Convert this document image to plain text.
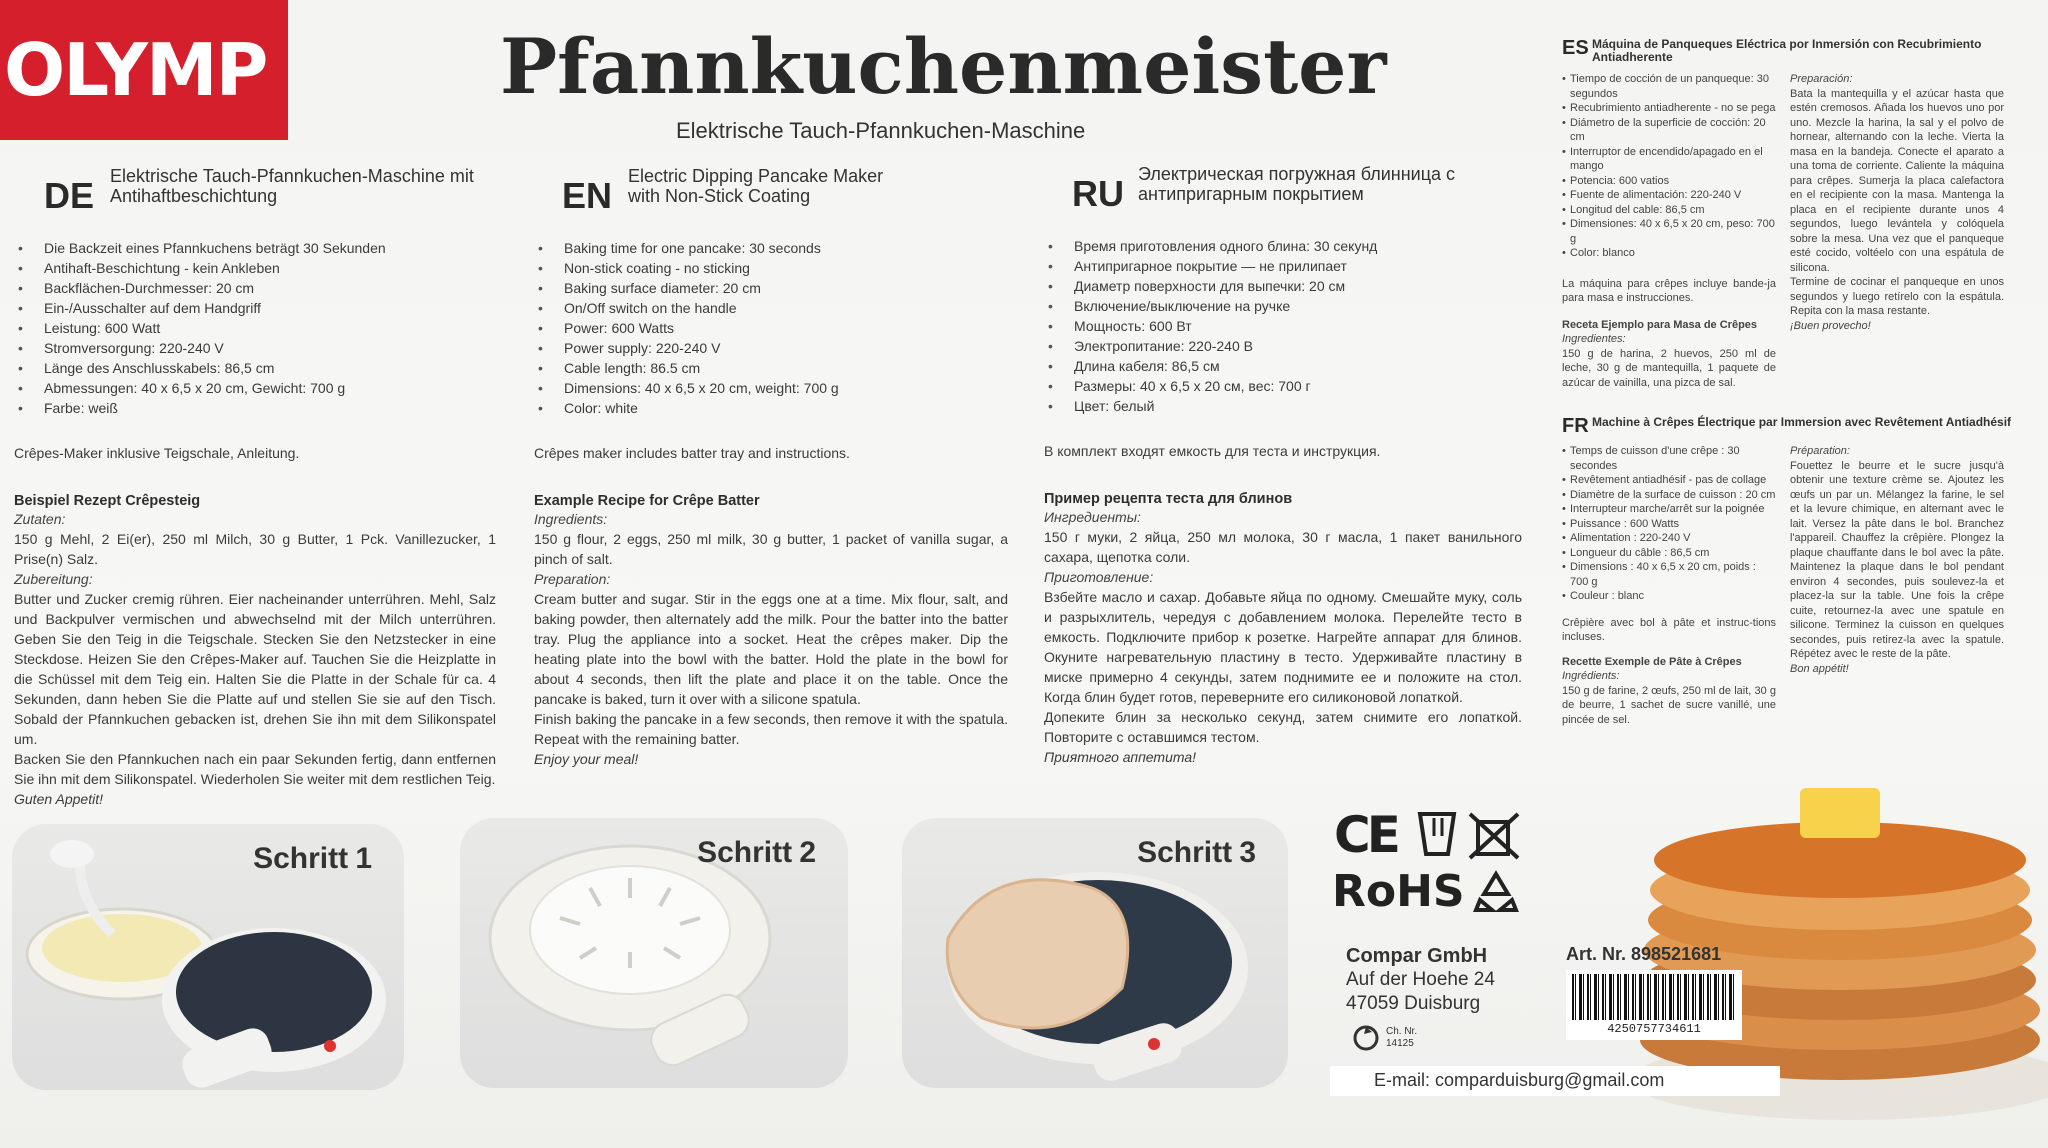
OLYMP	Pfannkuchenmeister
Elektrische Tauch-Pfannkuchen-Maschine
DE Elektrische Tauch-Pfannkuchen-Maschine mit Antihaftbeschichtung
• Die Backzeit eines Pfannkuchens beträgt 30 Sekunden
• Antihaft-Beschichtung - kein Ankleben
• Backflächen-Durchmesser: 20 cm
• Ein-/Ausschalter auf dem Handgriff
• Leistung: 600 Watt
• Stromversorgung: 220-240 V
• Länge des Anschlusskabels: 86,5 cm
• Abmessungen: 40 x 6,5 x 20 cm, Gewicht: 700 g
• Farbe: weiß
Crêpes-Maker inklusive Teigschale, Anleitung.
Beispiel Rezept Crêpesteig
Zutaten:
150 g Mehl, 2 Ei(er), 250 ml Milch, 30 g Butter, 1 Pck. Vanillezucker, 1 Prise(n) Salz.
Zubereitung:
Butter und Zucker cremig rühren. Eier nacheinander unterrühren. Mehl, Salz und Backpulver vermischen und abwechselnd mit der Milch unterrühren. Geben Sie den Teig in die Teigschale. Stecken Sie den Netzstecker in eine Steckdose. Heizen Sie den Crêpes-Maker auf. Tauchen Sie die Heizplatte in die Schüssel mit dem Teig ein. Halten Sie die Platte in der Schale für ca. 4 Sekunden, dann heben Sie die Platte auf und stellen Sie sie auf den Tisch. Sobald der Pfannkuchen gebacken ist, drehen Sie ihn mit dem Silikonspatel um.
Backen Sie den Pfannkuchen nach ein paar Sekunden fertig, dann entfernen Sie ihn mit dem Silikonspatel. Wiederholen Sie weiter mit dem restlichen Teig.
Guten Appetit!
EN Electric Dipping Pancake Maker with Non-Stick Coating
• Baking time for one pancake: 30 seconds
• Non-stick coating - no sticking
• Baking surface diameter: 20 cm
• On/Off switch on the handle
• Power: 600 Watts
• Power supply: 220-240 V
• Cable length: 86.5 cm
• Dimensions: 40 x 6,5 x 20 cm, weight: 700 g
• Color: white
Crêpes maker includes batter tray and instructions.
Example Recipe for Crêpe Batter
Ingredients:
150 g flour, 2 eggs, 250 ml milk, 30 g butter, 1 packet of vanilla sugar, a pinch of salt.
Preparation:
Cream butter and sugar. Stir in the eggs one at a time. Mix flour, salt, and baking powder, then alternately add the milk. Pour the batter into the batter tray. Plug the appliance into a socket. Heat the crêpes maker. Dip the heating plate into the bowl with the batter. Hold the plate in the bowl for about 4 seconds, then lift the plate and place it on the table. Once the pancake is baked, turn it over with a silicone spatula.
Finish baking the pancake in a few seconds, then remove it with the spatula. Repeat with the remaining batter.
Enjoy your meal!
RU Электрическая погружная блинница с антипригарным покрытием
• Время приготовления одного блина: 30 секунд
• Антипригарное покрытие — не прилипает
• Диаметр поверхности для выпечки: 20 см
• Включение/выключение на ручке
• Мощность: 600 Вт
• Электропитание: 220-240 В
• Длина кабеля: 86,5 см
• Размеры: 40 x 6,5 x 20 см, вес: 700 г
• Цвет: белый
В комплект входят емкость для теста и инструкция.
Пример рецепта теста для блинов
Ингредиенты:
150 г муки, 2 яйца, 250 мл молока, 30 г масла, 1 пакет ванильного сахара, щепотка соли.
Приготовление:
Взбейте масло и сахар. Добавьте яйца по одному. Смешайте муку, соль и разрыхлитель, чередуя с добавлением молока. Перелейте тесто в емкость. Подключите прибор к розетке. Нагрейте аппарат для блинов. Окуните нагревательную пластину в тесто. Удерживайте пластину в миске примерно 4 секунды, затем поднимите ее и положите на стол. Когда блин будет готов, переверните его силиконовой лопаткой.
Допеките блин за несколько секунд, затем снимите его лопаткой. Повторите с оставшимся тестом.
Приятного аппетита!
ES Máquina de Panqueques Eléctrica por Inmersión con Recubrimiento Antiadherente
• Tiempo de cocción de un panqueque: 30 segundos
• Recubrimiento antiadherente - no se pega
• Diámetro de la superficie de cocción: 20 cm
• Interruptor de encendido/apagado en el mango
• Potencia: 600 vatios
• Fuente de alimentación: 220-240 V
• Longitud del cable: 86,5 cm
• Dimensiones: 40 x 6,5 x 20 cm, peso: 700 g
• Color: blanco

La máquina para crêpes incluye bande-ja para masa e instrucciones.

Receta Ejemplo para Masa de Crêpes

Ingredientes:

150 g de harina, 2 huevos, 250 ml de leche, 30 g de mantequilla, 1 paquete de azúcar de vainilla, una pizca de sal.

Preparación:

Bata la mantequilla y el azúcar hasta que estén cremosos. Añada los huevos uno por uno. Mezcle la harina, la sal y el polvo de hornear, alternando con la leche. Vierta la masa en la bandeja. Conecte el aparato a una toma de corriente. Caliente la máquina para crêpes. Sumerja la placa calefactora en el recipiente con la masa. Mantenga la placa en el recipiente durante unos 4 segundos, luego levántela y colóquela sobre la mesa. Una vez que el panqueque esté cocido, voltéelo con una espátula de silicona.

Termine de cocinar el panqueque en unos segundos y luego retírelo con la espátula. Repita con la masa restante.

¡Buen provecho!

FR Machine à Crêpes Électrique par Immersion avec Revêtement Antiadhésif
• Temps de cuisson d'une crêpe : 30 secondes
• Revêtement antiadhésif - pas de collage
• Diamètre de la surface de cuisson : 20 cm
• Interrupteur marche/arrêt sur la poignée
• Puissance : 600 Watts
• Alimentation : 220-240 V
• Longueur du câble : 86,5 cm
• Dimensions : 40 x 6,5 x 20 cm, poids : 700 g
• Couleur : blanc

Crêpière avec bol à pâte et instruc-tions incluses.

Recette Exemple de Pâte à Crêpes

Ingrédients:

150 g de farine, 2 œufs, 250 ml de lait, 30 g de beurre, 1 sachet de sucre vanillé, une pincée de sel.

Préparation:

Fouettez le beurre et le sucre jusqu'à obtenir une texture crème se. Ajoutez les œufs un par un. Mélangez la farine, le sel et la levure chimique, en alternant avec le lait. Versez la pâte dans le bol. Branchez l'appareil. Chauffez la crêpière. Plongez la plaque chauffante dans le bol avec la pâte. Maintenez la plaque dans le bol pendant environ 4 secondes, puis soulevez-la et placez-la sur la table. Une fois la crêpe cuite, retournez-la avec une spatule en silicone. Terminez la cuisson en quelques secondes, puis retirez-la avec la spatule. Répétez avec le reste de la pâte.

Bon appétit!

Schritt 1	Schritt 2	Schritt 3 CE
RoHS
Compar GmbH
Auf der Hoehe 24
47059 Duisburg
Art. Nr. 898521681
4250757734611
Ch. Nr.
14125
E-mail: comparduisburg@gmail.com
